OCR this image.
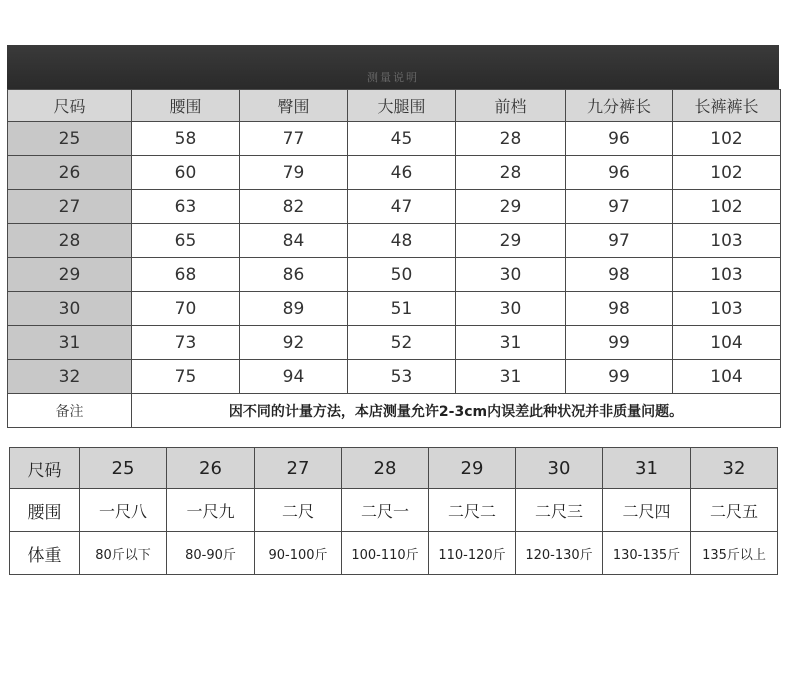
测量说明
尺码	腰围	臀围	大腿围	前档	九分裤长	长裤裤长
25	58	77	45	28	96	102
26	60	79	46	28	96	102
27	63	82	47	29	97	102
28	65	84	48	29	97	103
29	68	86	50	30	98	103
30	70	89	51	30	98	103
31	73	92	52	31	99	104
32	75	94	53	31	99	104
备注	因不同的计量方法，本店测量允许2-3cm内误差此种状况并非质量问题。					
尺码	25	26	27	28	29	30	31	32
腰围	一尺八	一尺九	二尺	二尺一	二尺二	二尺三	二尺四	二尺五
体重	80斤以下	80-90斤	90-100斤	100-110斤	110-120斤	120-130斤	130-135斤	135斤以上
